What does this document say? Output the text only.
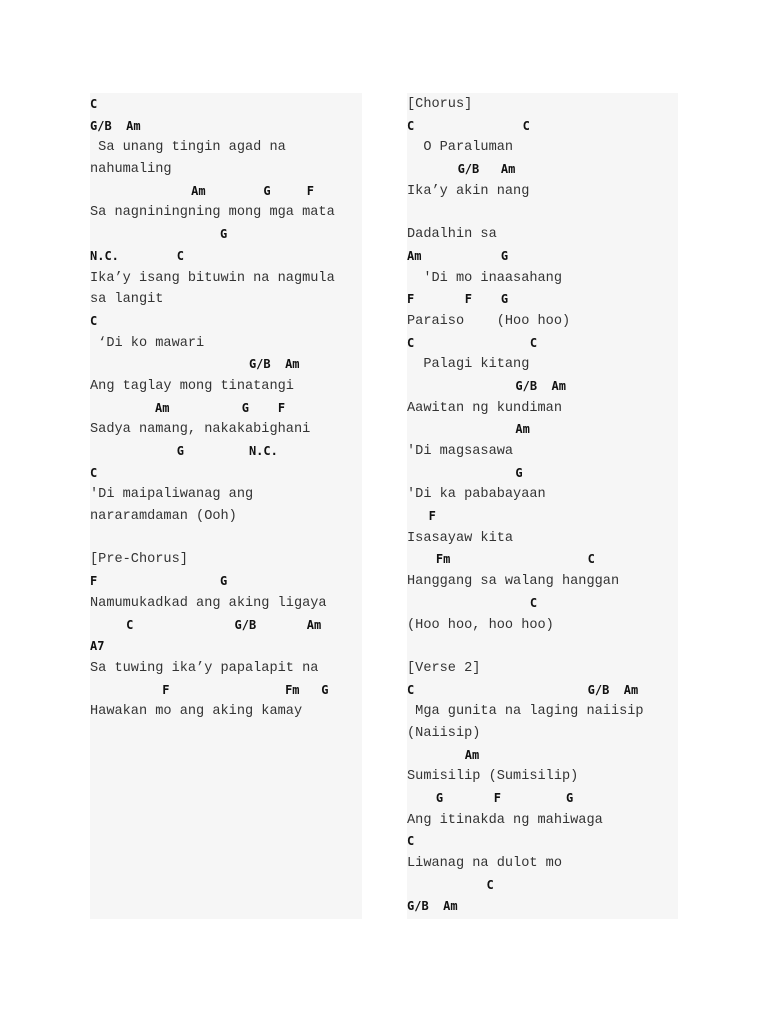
C
G/B  Am
Sa unang tingin agad na
nahumaling
Am        G     F
Sa nagniningning mong mga mata
G
N.C.        C
Ika’y isang bituwin na nagmula
sa langit
C
‘Di ko mawari
G/B  Am
Ang taglay mong tinatangi
Am          G    F
Sadya namang, nakakabighani
G         N.C.
C
'Di maipaliwanag ang
nararamdaman (Ooh)
[Pre-Chorus]
F                 G
Namumukadkad ang aking ligaya
C              G/B       Am
A7
Sa tuwing ika’y papalapit na
F                Fm   G
Hawakan mo ang aking kamay
[Chorus]
C               C
O Paraluman
G/B   Am
Ika’y akin nang
Dadalhin sa
Am           G
'Di mo inaasahang
F       F    G
Paraiso    (Hoo hoo)
C                C
Palagi kitang
G/B  Am
Aawitan ng kundiman
Am
'Di magsasawa
G
'Di ka pababayaan
F
Isasayaw kita
Fm                   C
Hanggang sa walang hanggan
C
(Hoo hoo, hoo hoo)
[Verse 2]
C                        G/B  Am
Mga gunita na laging naiisip
(Naiisip)
Am
Sumisilip (Sumisilip)
G       F         G
Ang itinakda ng mahiwaga
C
Liwanag na dulot mo
C
G/B  Am
